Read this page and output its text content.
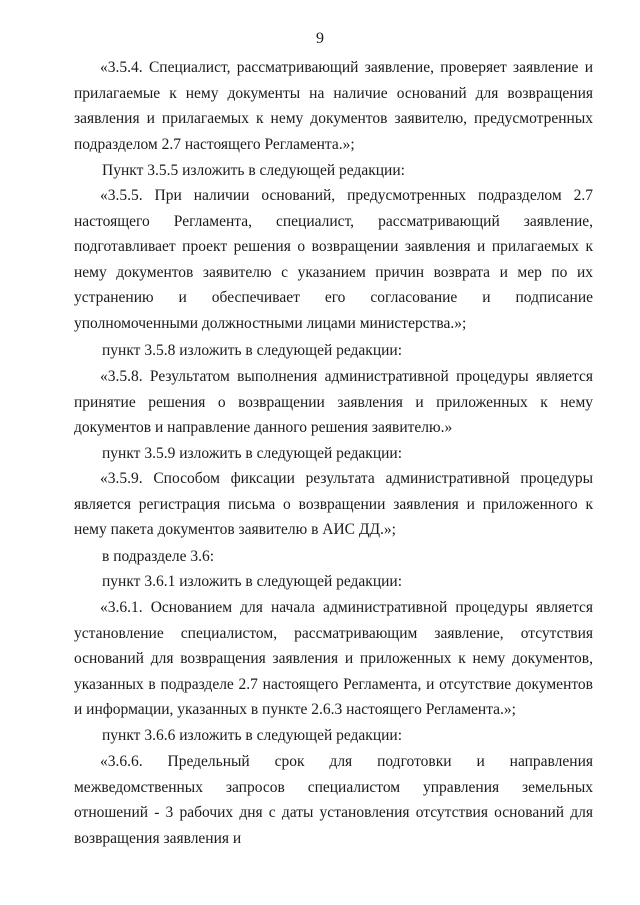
9

«3.5.4. Специалист, рассматривающий заявление, проверяет заявление и прилагаемые к нему документы на наличие оснований для возвращения заявления и прилагаемых к нему документов заявителю, предусмотренных подразделом 2.7 настоящего Регламента.»;

Пункт 3.5.5 изложить в следующей редакции:

«3.5.5. При наличии оснований, предусмотренных подразделом 2.7 настоящего Регламента, специалист, рассматривающий заявление, подготавливает проект решения о возвращении заявления и прилагаемых к нему документов заявителю с указанием причин возврата и мер по их устранению и обеспечивает его согласование и подписание уполномоченными должностными лицами министерства.»;

пункт 3.5.8 изложить в следующей редакции:

«3.5.8. Результатом выполнения административной процедуры является принятие решения о возвращении заявления и приложенных к нему документов и направление данного решения заявителю.»

пункт 3.5.9 изложить в следующей редакции:

«3.5.9. Способом фиксации результата административной процедуры является регистрация письма о возвращении заявления и приложенного к нему пакета документов заявителю в АИС ДД.»;

в подразделе 3.6:

пункт 3.6.1 изложить в следующей редакции:

«3.6.1. Основанием для начала административной процедуры является установление специалистом, рассматривающим заявление, отсутствия оснований для возвращения заявления и приложенных к нему документов, указанных в подразделе 2.7 настоящего Регламента, и отсутствие документов и информации, указанных в пункте 2.6.3 настоящего Регламента.»;

пункт 3.6.6 изложить в следующей редакции:

«3.6.6. Предельный срок для подготовки и направления межведомственных запросов специалистом управления земельных отношений - 3 рабочих дня с даты установления отсутствия оснований для возвращения заявления и
